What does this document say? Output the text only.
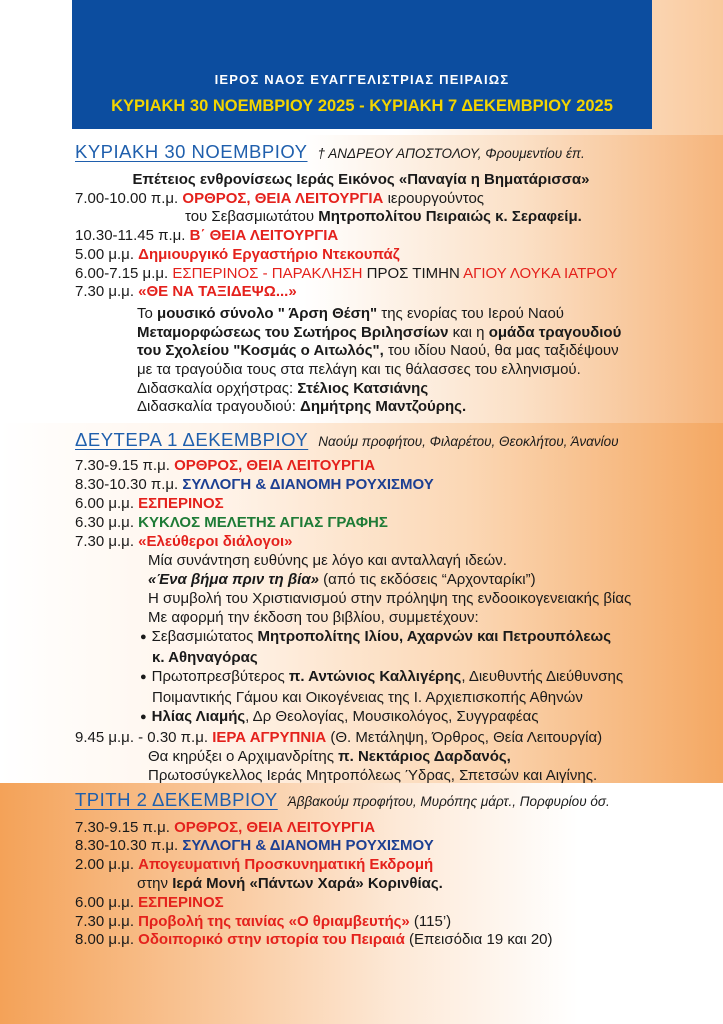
ΙΕΡΟΣ ΝΑΟΣ ΕΥΑΓΓΕΛΙΣΤΡΙΑΣ ΠΕΙΡΑΙΩΣ
ΚΥΡΙΑΚΗ 30 ΝΟΕΜΒΡΙΟΥ 2025 - ΚΥΡΙΑΚΗ 7 ΔΕΚΕΜΒΡΙΟΥ 2025
ΚΥΡΙΑΚΗ 30 ΝΟΕΜΒΡΙΟΥ † ΑΝΔΡΕΟΥ ΑΠΟΣΤΟΛΟΥ, Φρουμεντίου έπ.
Επέτειος ενθρονίσεως Ιεράς Εικόνος «Παναγία η Βηματάρισσα»
7.00-10.00 π.μ. ΟΡΘΡΟΣ, ΘΕΙΑ ΛΕΙΤΟΥΡΓΙΑ ιερουργούντος
του Σεβασμιωτάτου Μητροπολίτου Πειραιώς κ. Σεραφείμ.
10.30-11.45 π.μ. Β΄ ΘΕΙΑ ΛΕΙΤΟΥΡΓΙΑ
5.00 μ.μ. Δημιουργικό Εργαστήριο Ντεκουπάζ
6.00-7.15 μ.μ. ΕΣΠΕΡΙΝΟΣ - ΠΑΡΑΚΛΗΣΗ ΠΡΟΣ ΤΙΜΗΝ ΑΓΙΟΥ ΛΟΥΚΑ ΙΑΤΡΟΥ
7.30 μ.μ. «ΘΕ ΝΑ ΤΑΞΙΔΕΨΩ...»
Το μουσικό σύνολο " Άρση Θέση" της ενορίας του Ιερού Ναού
Μεταμορφώσεως του Σωτήρος Βριλησσίων και η ομάδα τραγουδιού
του Σχολείου "Κοσμάς ο Αιτωλός", του ιδίου Ναού, θα μας ταξιδέψουν
με τα τραγούδια τους στα πελάγη και τις θάλασσες του ελληνισμού.
Διδασκαλία ορχήστρας: Στέλιος Κατσιάνης
Διδασκαλία τραγουδιού: Δημήτρης Μαντζούρης.
ΔΕΥΤΕΡΑ 1 ΔΕΚΕΜΒΡΙΟΥ Ναούμ προφήτου, Φιλαρέτου, Θεοκλήτου, Άνανίου
7.30-9.15 π.μ. ΟΡΘΡΟΣ, ΘΕΙΑ ΛΕΙΤΟΥΡΓΙΑ
8.30-10.30 π.μ. ΣΥΛΛΟΓΗ & ΔΙΑΝΟΜΗ ΡΟΥΧΙΣΜΟΥ
6.00 μ.μ. ΕΣΠΕΡΙΝΟΣ
6.30 μ.μ. ΚΥΚΛΟΣ ΜΕΛΕΤΗΣ ΑΓΙΑΣ ΓΡΑΦΗΣ
7.30 μ.μ. «Ελεύθεροι διάλογοι»
Μία συνάντηση ευθύνης με λόγο και ανταλλαγή ιδεών.
«Ένα βήμα πριν τη βία» (από τις εκδόσεις “Αρχονταρίκι”)
Η συμβολή του Χριστιανισμού στην πρόληψη της ενδοοικογενειακής βίας
Με αφορμή την έκδοση του βιβλίου, συμμετέχουν:
● Σεβασμιώτατος Μητροπολίτης Ιλίου, Αχαρνών και Πετρουπόλεως
κ. Αθηναγόρας
● Πρωτοπρεσβύτερος π. Αντώνιος Καλλιγέρης, Διευθυντής Διεύθυνσης
Ποιμαντικής Γάμου και Οικογένειας της Ι. Αρχιεπισκοπής Αθηνών
● Ηλίας Λιαμής, Δρ Θεολογίας, Μουσικολόγος, Συγγραφέας
9.45 μ.μ. - 0.30 π.μ. ΙΕΡΑ ΑΓΡΥΠΝΙΑ (Θ. Μετάληψη, Όρθρος, Θεία Λειτουργία)
Θα κηρύξει ο Αρχιμανδρίτης π. Νεκτάριος Δαρδανός,
Πρωτοσύγκελλος Ιεράς Μητροπόλεως Ύδρας, Σπετσών και Αιγίνης.
ΤΡΙΤΗ 2 ΔΕΚΕΜΒΡΙΟΥ Άββακούμ προφήτου, Μυρόπης μάρτ., Πορφυρίου όσ.
7.30-9.15 π.μ. ΟΡΘΡΟΣ, ΘΕΙΑ ΛΕΙΤΟΥΡΓΙΑ
8.30-10.30 π.μ. ΣΥΛΛΟΓΗ & ΔΙΑΝΟΜΗ ΡΟΥΧΙΣΜΟΥ
2.00 μ.μ. Απογευματινή Προσκυνηματική Εκδρομή
στην Ιερά Μονή «Πάντων Χαρά» Κορινθίας.
6.00 μ.μ. ΕΣΠΕΡΙΝΟΣ
7.30 μ.μ. Προβολή της ταινίας «Ο θριαμβευτής» (115’)
8.00 μ.μ. Οδοιπορικό στην ιστορία του Πειραιά (Επεισόδια 19 και 20)
